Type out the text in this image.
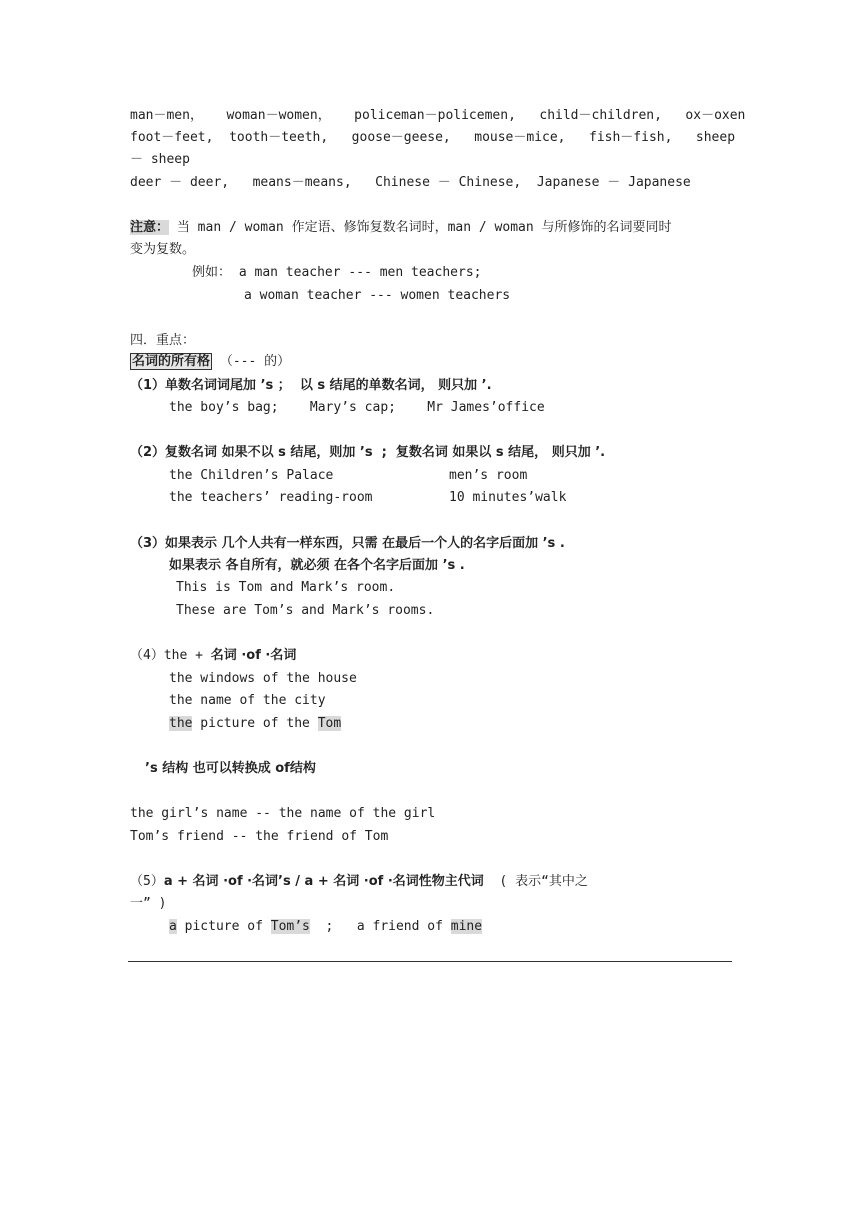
man－men，   woman－women，   policeman－policemen,   child－children,   ox－oxen
foot－feet,  tooth－teeth,   goose－geese,   mouse－mice,   fish－fish,   sheep
－ sheep
deer － deer,   means－means,   Chinese － Chinese,  Japanese － Japanese
注意： 当 man / woman 作定语、修饰复数名词时，man / woman 与所修饰的名词要同时
变为复数。
例如： a man teacher --- men teachers;
a woman teacher --- women teachers
四．重点：
名词的所有格 （--- 的）
（1）单数名词词尾加 ’s ；  以 s 结尾的单数名词， 则只加 ’.
the boy’s bag;    Mary’s cap;    Mr James’office
（2）复数名词 如果不以 s 结尾，则加 ’s  ;  复数名词 如果以 s 结尾， 则只加 ’.
the Children’s Palace	men’s room
the teachers’ reading-room	10 minutes’walk
（3）如果表示 几个人共有一样东西，只需 在最后一个人的名字后面加 ’s .
如果表示 各自所有，就必须 在各个名字后面加 ’s .
This is Tom and Mark’s room.
These are Tom’s and Mark’s rooms.
（4）the + 名词 ·of ·名词
the windows of the house
the name of the city
the picture of the Tom
’s 结构 也可以转换成 of结构
the girl’s name -- the name of the girl
Tom’s friend -- the friend of Tom
（5）a + 名词 ·of ·名词’s / a + 名词 ·of ·名词性物主代词  ( 表示“其中之
一” )
a picture of Tom’s  ;   a friend of mine
